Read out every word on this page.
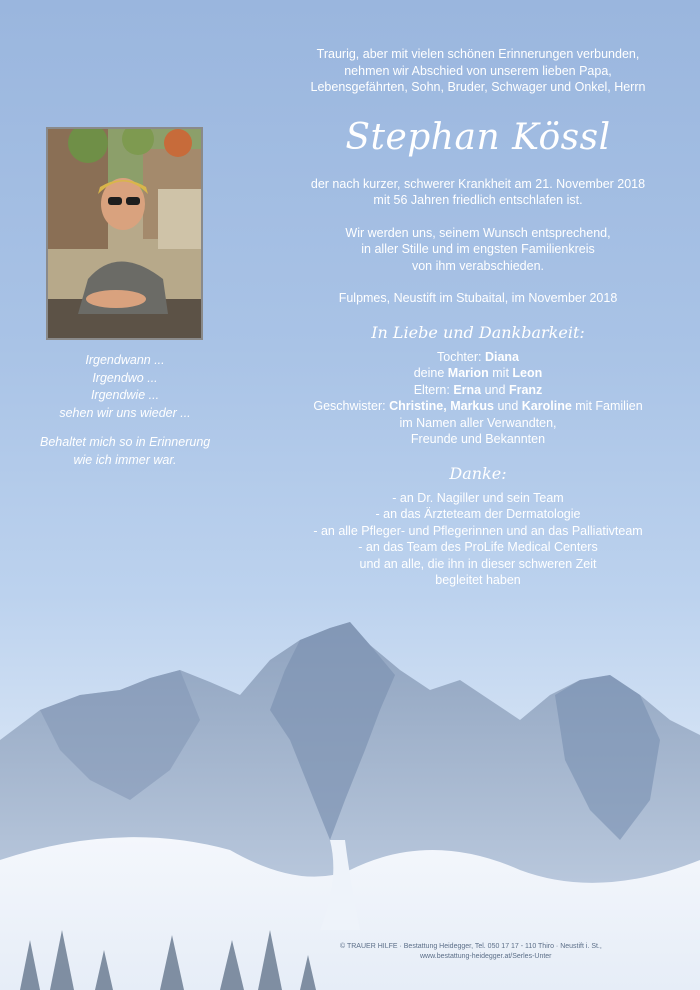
Irgendwann ...
Irgendwo ...
Irgendwie ...
sehen wir uns wieder ...
Behaltet mich so in Erinnerung
wie ich immer war.
Traurig, aber mit vielen schönen Erinnerungen verbunden,
nehmen wir Abschied von unserem lieben Papa,
Lebensgefährten, Sohn, Bruder, Schwager und Onkel, Herrn
Stephan Kössl
der nach kurzer, schwerer Krankheit am 21. November 2018
mit 56 Jahren friedlich entschlafen ist.
Wir werden uns, seinem Wunsch entsprechend,
in aller Stille und im engsten Familienkreis
von ihm verabschieden.
Fulpmes, Neustift im Stubaital, im November 2018
In Liebe und Dankbarkeit:
Tochter: Diana
deine Marion mit Leon
Eltern: Erna und Franz
Geschwister: Christine, Markus und Karoline mit Familien
im Namen aller Verwandten,
Freunde und Bekannten
Danke:
- an Dr. Nagiller und sein Team
- an das Ärzteteam der Dermatologie
- an alle Pfleger- und Pflegerinnen und an das Palliativteam
- an das Team des ProLife Medical Centers
und an alle, die ihn in dieser schweren Zeit
begleitet haben
© TRAUER HILFE · Bestattung Heidegger, Tel. 050 17 17 - 110 Thiro · Neustift i. St.,
www.bestattung-heidegger.at/Serles-Unter
